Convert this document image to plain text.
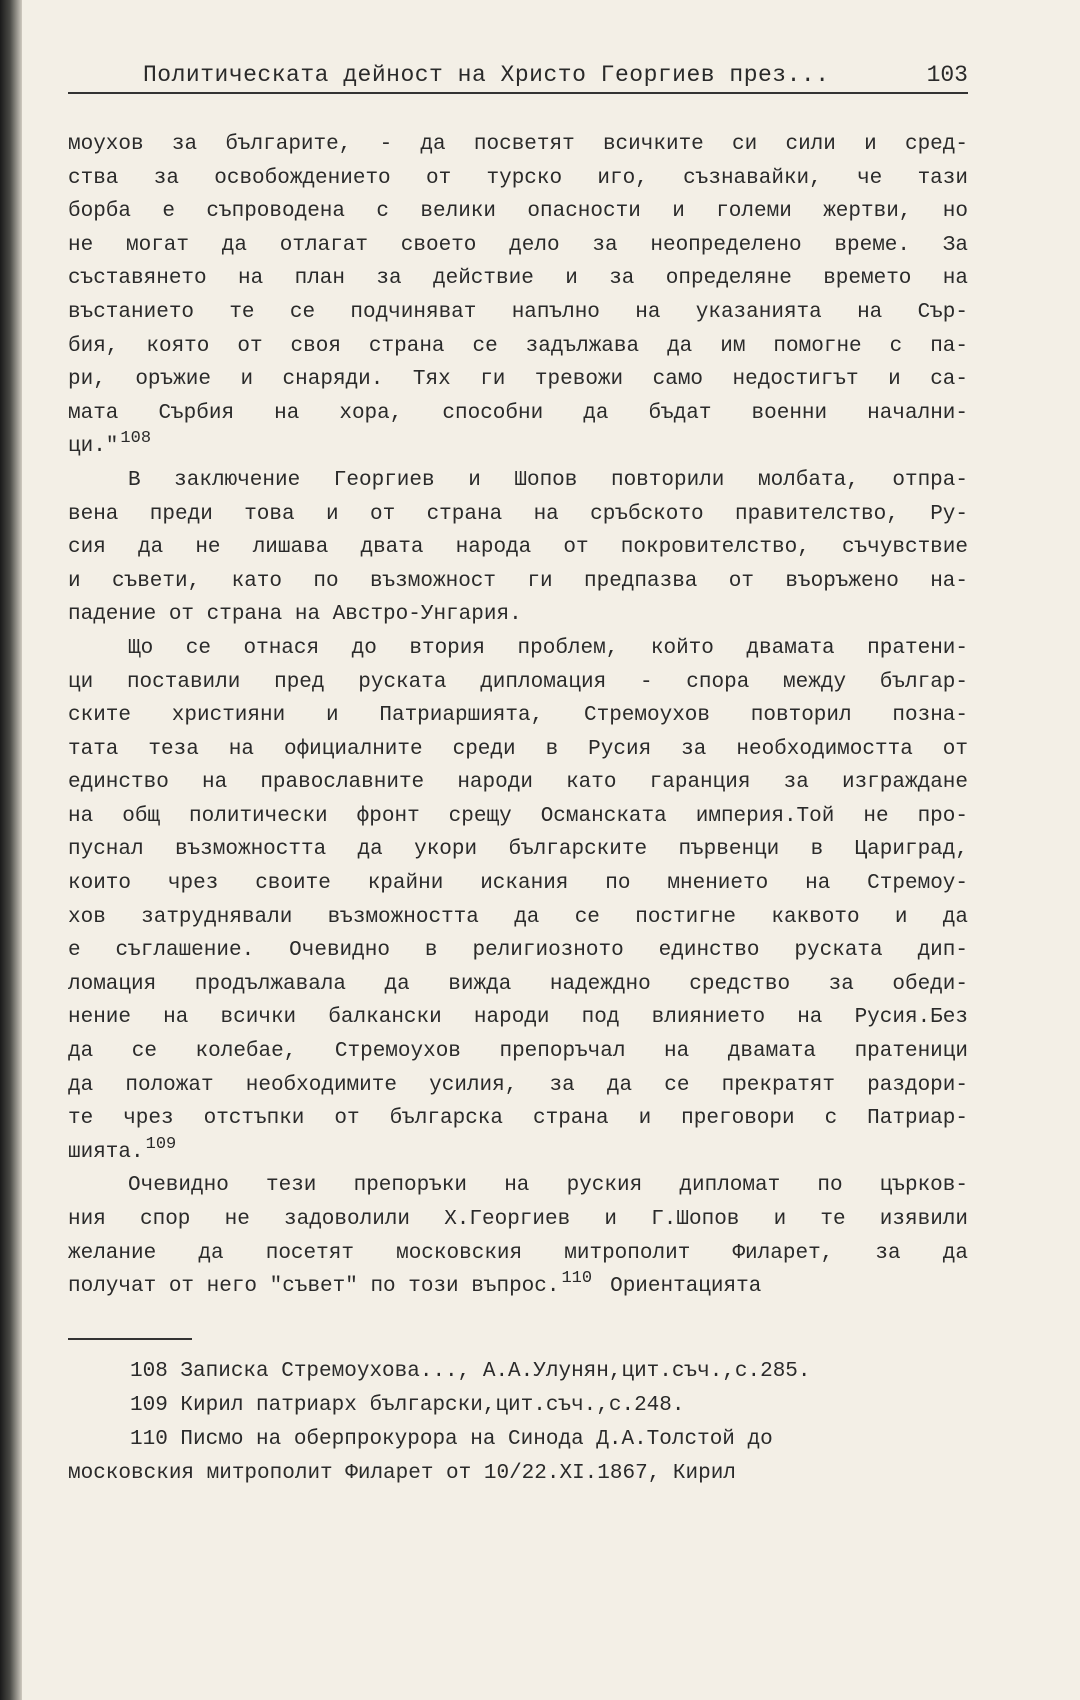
Политическата дейност на Христо Георгиев през...	103
моухов за българите, - да посветят всичките си сили и сред-
ства за освобождението от турско иго, съзнавайки, че тази
борба е съпроводена с велики опасности и големи жертви, но
не могат да отлагат своето дело за неопределено време. За
съставянето на план за действие и за определяне времето на
въстанието те се подчиняват напълно на указанията на Сър-
бия, която от своя страна се задължава да им помогне с па-
ри, оръжие и снаряди. Тях ги тревожи само недостигът и са-
мата Сърбия на хора, способни да бъдат военни начални-
ци." $^{108}$
В заключение Георгиев и Шопов повторили молбата, отпра-
вена преди това и от страна на сръбското правителство, Ру-
сия да не лишава двата народа от покровителство, съчувствие
и съвети, като по възможност ги предпазва от въоръжено на-
падение от страна на Австро-Унгария.
Що се отнася до втория проблем, който двамата пратени-
ци поставили пред руската дипломация - спора между българ-
ските християни и Патриаршията, Стремоухов повторил позна-
тата теза на официалните среди в Русия за необходимостта от
единство на православните народи като гаранция за изграждане
на общ политически фронт срещу Османската империя.Той не про-
пуснал възможността да укори българските първенци в Цариград,
които чрез своите крайни искания по мнението на Стремоу-
хов затруднявали възможността да се постигне каквото и да
е съглашение. Очевидно в религиозното единство руската дип-
ломация продължавала да вижда надеждно средство за обеди-
нение на всички балкански народи под влиянието на Русия.Без
да се колебае, Стремоухов препоръчал на двамата пратеници
да положат необходимите усилия, за да се прекратят раздори-
те чрез отстъпки от българска страна и преговори с Патриар-
шията. $^{109}$
Очевидно тези препоръки на руския дипломат по църков-
ния спор не задоволили Х.Георгиев и Г.Шопов и те изявили
желание да посетят московския митрополит Филарет, за да
получат от него "съвет" по този въпрос. $^{110}$ Ориентацията
108 Записка Стремоухова..., А.А.Улунян,цит.съч.,с.285.
109 Кирил патриарх български,цит.съч.,с.248.
110 Писмо на оберпрокурора на Синода Д.А.Толстой до
московския митрополит Филарет от 10/22.XI.1867, Кирил
